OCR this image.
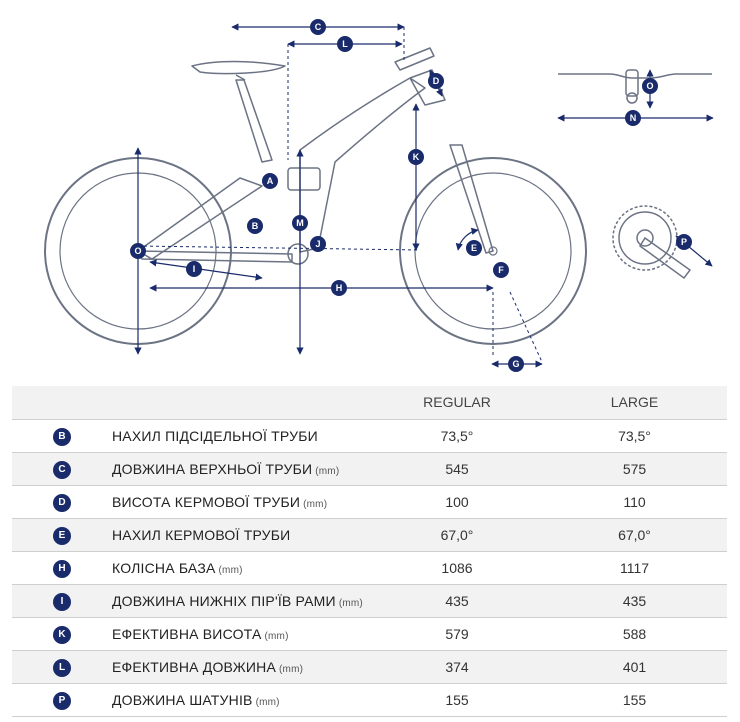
C
L
O
D
N
K
A
M
B
J
O	E
I	F
H
P
G
		REGULAR	LARGE
B	НАХИЛ ПІДСІДЕЛЬНОЇ ТРУБИ	73,5°	73,5°
C	ДОВЖИНА ВЕРХНЬОЇ ТРУБИ (mm)	545	575
D	ВИСОТА КЕРМОВОЇ ТРУБИ (mm)	100	110
E	НАХИЛ КЕРМОВОЇ ТРУБИ	67,0°	67,0°
H	КОЛІСНА БАЗА (mm)	1086	1117
I	ДОВЖИНА НИЖНІХ ПІР'ЇВ РАМИ (mm)	435	435
K	ЕФЕКТИВНА ВИСОТА (mm)	579	588
L	ЕФЕКТИВНА ДОВЖИНА (mm)	374	401
P	ДОВЖИНА ШАТУНІВ (mm)	155	155
